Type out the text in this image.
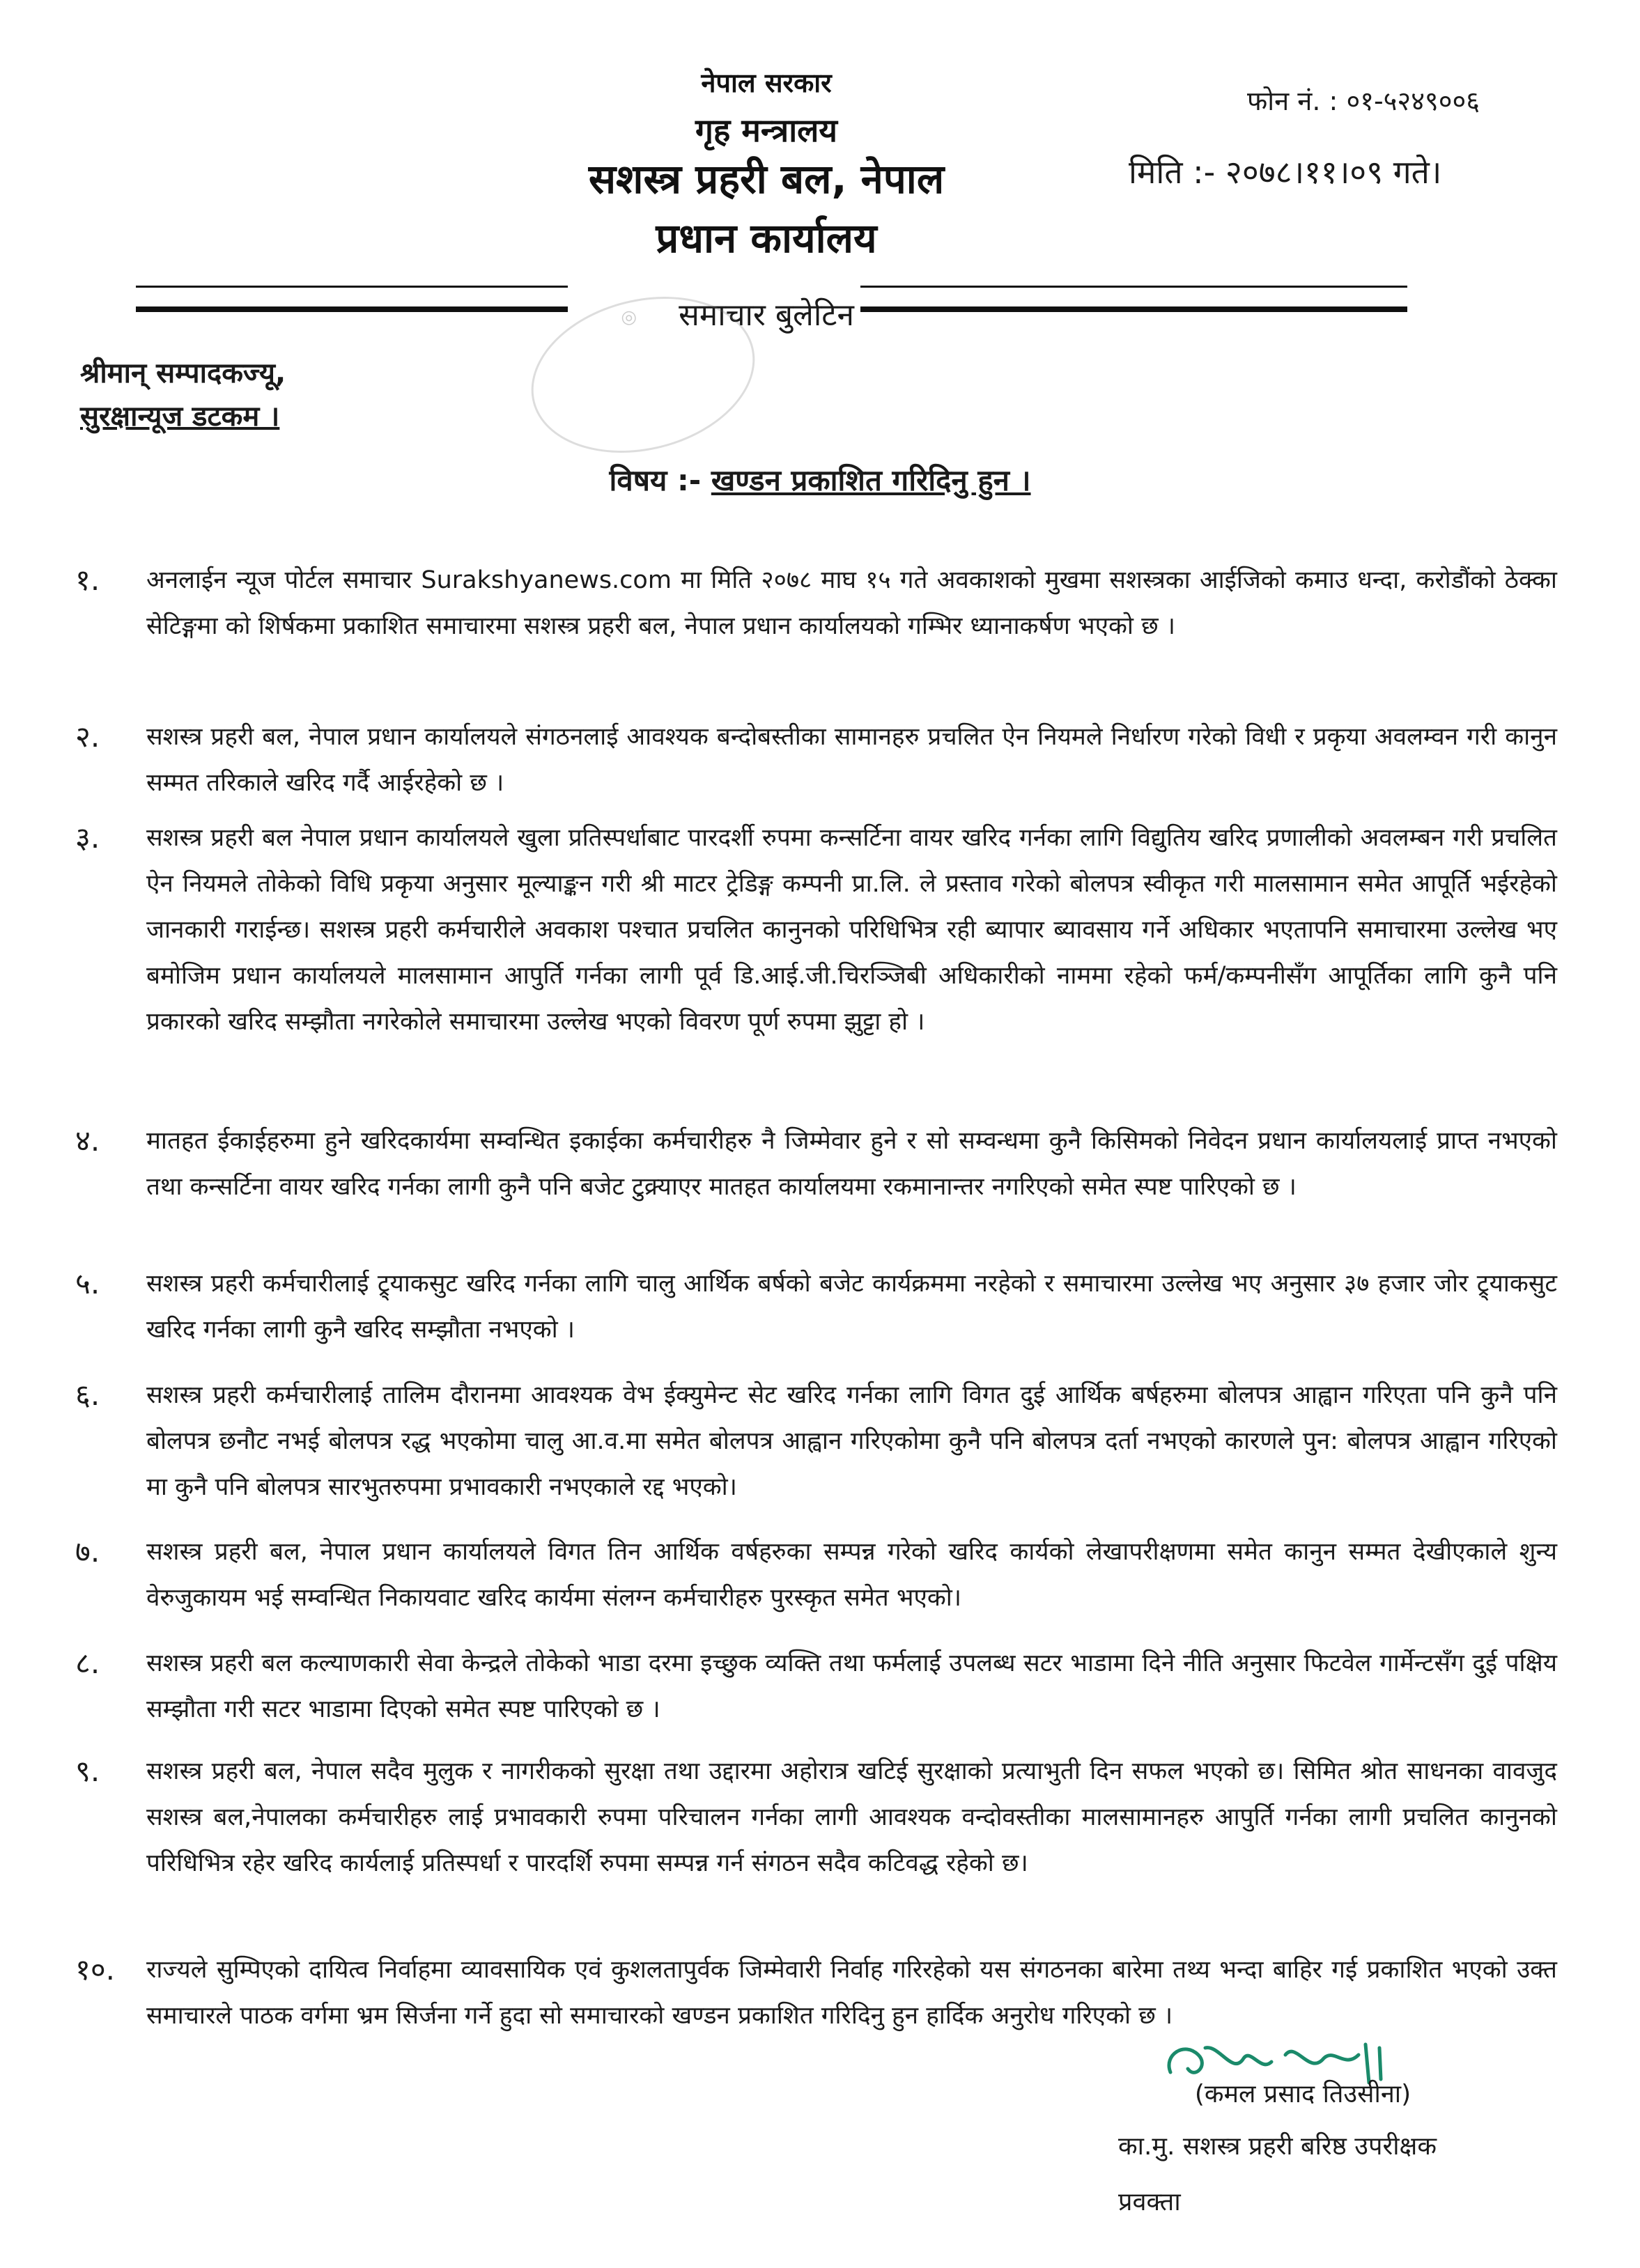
नेपाल सरकार
गृह मन्त्रालय
सशस्त्र प्रहरी बल, नेपाल
प्रधान कार्यालय
फोन नं. : ०१-५२४९००६
मिति :- २०७८।११।०९ गते।
समाचार बुलेटिन
◎
श्रीमान् सम्पादकज्यू,
सुरक्षान्यूज डटकम ।
विषय :- खण्डन प्रकाशित गरिदिनु हुन ।
१.	अनलाईन न्यूज पोर्टल समाचार Surakshyanews.com मा मिति २०७८ माघ १५ गते अवकाशको मुखमा सशस्त्रका आईजिको कमाउ धन्दा, करोडौंको ठेक्का सेटिङ्गमा को शिर्षकमा प्रकाशित समाचारमा सशस्त्र प्रहरी बल, नेपाल प्रधान कार्यालयको गम्भिर ध्यानाकर्षण भएको छ ।
२.	सशस्त्र प्रहरी बल, नेपाल प्रधान कार्यालयले संगठनलाई आवश्यक बन्दोबस्तीका सामानहरु प्रचलित ऐन नियमले निर्धारण गरेको विधी र प्रकृया अवलम्वन गरी कानुन सम्मत तरिकाले खरिद गर्दै आईरहेको छ ।
३.	सशस्त्र प्रहरी बल नेपाल प्रधान कार्यालयले खुला प्रतिस्पर्धाबाट पारदर्शी रुपमा कन्सर्टिना वायर खरिद गर्नका लागि विद्युतिय खरिद प्रणालीको अवलम्बन गरी प्रचलित ऐन नियमले तोकेको विधि प्रकृया अनुसार मूल्याङ्कन गरी श्री माटर ट्रेडिङ्ग कम्पनी प्रा.लि. ले प्रस्ताव गरेको बोलपत्र स्वीकृत गरी मालसामान समेत आपूर्ति भईरहेको जानकारी गराईन्छ। सशस्त्र प्रहरी कर्मचारीले अवकाश पश्चात प्रचलित कानुनको परिधिभित्र रही ब्यापार ब्यावसाय गर्ने अधिकार भएतापनि समाचारमा उल्लेख भए बमोजिम प्रधान कार्यालयले मालसामान आपुर्ति गर्नका लागी पूर्व डि.आई.जी.चिरञ्जिबी अधिकारीको नाममा रहेको फर्म/कम्पनीसँग आपूर्तिका लागि कुनै पनि प्रकारको खरिद सम्झौता नगरेकोले समाचारमा उल्लेख भएको विवरण पूर्ण रुपमा झुट्टा हो ।
४.	मातहत ईकाईहरुमा हुने खरिदकार्यमा सम्वन्धित इकाईका कर्मचारीहरु नै जिम्मेवार हुने र सो सम्वन्धमा कुनै किसिमको निवेदन प्रधान कार्यालयलाई प्राप्त नभएको तथा कन्सर्टिना वायर खरिद गर्नका लागी कुनै पनि बजेट टुक्र्याएर मातहत कार्यालयमा रकमानान्तर नगरिएको समेत स्पष्ट पारिएको छ ।
५.	सशस्त्र प्रहरी कर्मचारीलाई ट्र्याकसुट खरिद गर्नका लागि चालु आर्थिक बर्षको बजेट कार्यक्रममा नरहेको र समाचारमा उल्लेख भए अनुसार ३७ हजार जोर ट्र्याकसुट खरिद गर्नका लागी कुनै खरिद सम्झौता नभएको ।
६.	सशस्त्र प्रहरी कर्मचारीलाई तालिम दौरानमा आवश्यक वेभ ईक्युमेन्ट सेट खरिद गर्नका लागि विगत दुई आर्थिक बर्षहरुमा बोलपत्र आह्वान गरिएता पनि कुनै पनि बोलपत्र छनौट नभई बोलपत्र रद्ध भएकोमा चालु आ.व.मा समेत बोलपत्र आह्वान गरिएकोमा कुनै पनि बोलपत्र दर्ता नभएको कारणले पुन: बोलपत्र आह्वान गरिएको मा कुनै पनि बोलपत्र सारभुतरुपमा प्रभावकारी नभएकाले रद्द भएको।
७.	सशस्त्र प्रहरी बल, नेपाल प्रधान कार्यालयले विगत तिन आर्थिक वर्षहरुका सम्पन्न गरेको खरिद कार्यको लेखापरीक्षणमा समेत कानुन सम्मत देखीएकाले शुन्य वेरुजुकायम भई सम्वन्धित निकायवाट खरिद कार्यमा संलग्न कर्मचारीहरु पुरस्कृत समेत भएको।
८.	सशस्त्र प्रहरी बल कल्याणकारी सेवा केन्द्रले तोकेको भाडा दरमा इच्छुक व्यक्ति तथा फर्मलाई उपलब्ध सटर भाडामा दिने नीति अनुसार फिटवेल गार्मेन्टसँग दुई पक्षिय सम्झौता गरी सटर भाडामा दिएको समेत स्पष्ट पारिएको छ ।
९.	सशस्त्र प्रहरी बल, नेपाल सदैव मुलुक र नागरीकको सुरक्षा तथा उद्दारमा अहोरात्र खटिई सुरक्षाको प्रत्याभुती दिन सफल भएको छ। सिमित श्रोत साधनका वावजुद सशस्त्र बल,नेपालका कर्मचारीहरु लाई प्रभावकारी रुपमा परिचालन गर्नका लागी आवश्यक वन्दोवस्तीका मालसामानहरु आपुर्ति गर्नका लागी प्रचलित कानुनको परिधिभित्र रहेर खरिद कार्यलाई प्रतिस्पर्धा र पारदर्शि रुपमा सम्पन्न गर्न संगठन सदैव कटिवद्ध रहेको छ।
१०.	राज्यले सुम्पिएको दायित्व निर्वाहमा व्यावसायिक एवं कुशलतापुर्वक जिम्मेवारी निर्वाह गरिरहेको यस संगठनका बारेमा तथ्य भन्दा बाहिर गई प्रकाशित भएको उक्त समाचारले पाठक वर्गमा भ्रम सिर्जना गर्ने हुदा सो समाचारको खण्डन प्रकाशित गरिदिनु हुन हार्दिक अनुरोध गरिएको छ ।
(कमल प्रसाद तिउसीना)
का.मु. सशस्त्र प्रहरी बरिष्ठ उपरीक्षक
प्रवक्ता
